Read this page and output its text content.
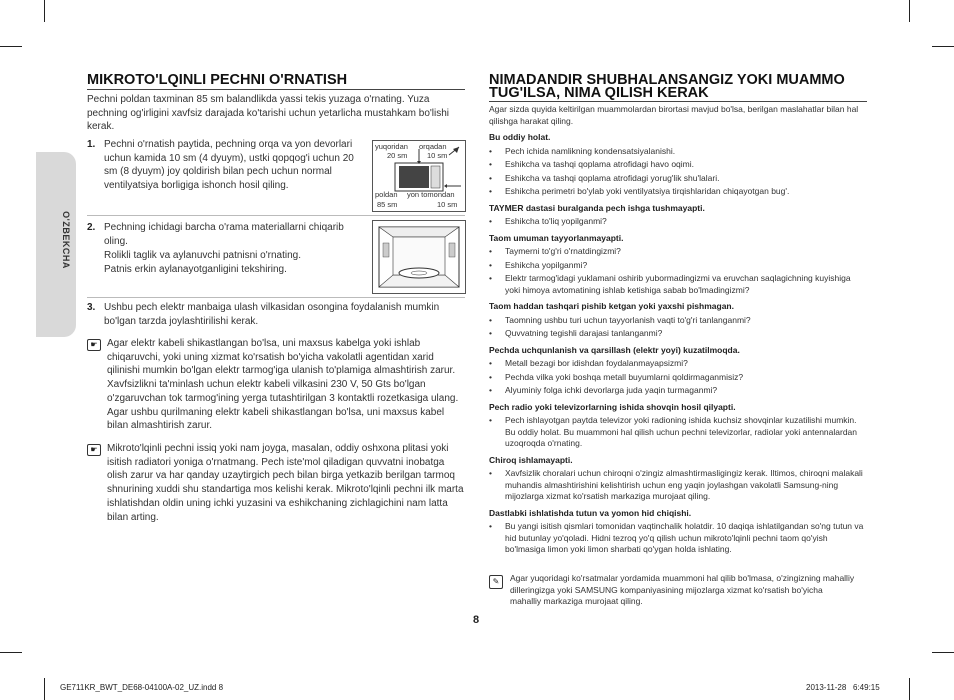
O'ZBEKCHA
MIKROTO'LQINLI PECHNI O'RNATISH

Pechni poldan taxminan 85 sm balandlikda yassi tekis yuzaga o'rnating. Yuza pechning og'irligini xavfsiz darajada ko'tarishi uchun yetarlicha mustahkam bo'lishi kerak.

1. Pechni o'rnatish paytida, pechning orqa va yon devorlari uchun kamida 10 sm (4 dyuym), ustki qopqog'i uchun 20 sm (8 dyuym) joy qoldirish bilan pech uchun normal ventilyatsiya borligiga ishonch hosil qiling.

yuqoridan orqadan
20 sm	10 sm
poldan yon tomondan
85 sm	10 sm
2. Pechning ichidagi barcha o'rama materiallarni chiqarib oling.

Rolikli taglik va aylanuvchi patnisni o'rnating.

Patnis erkin aylanayotganligini tekshiring.

3. Ushbu pech elektr manbaiga ulash vilkasidan osongina foydalanish mumkin bo'lgan tarzda joylashtirilishi kerak.

☛ Agar elektr kabeli shikastlangan bo'lsa, uni maxsus kabelga yoki ishlab chiqaruvchi, yoki uning xizmat ko'rsatish bo'yicha vakolatli agentidan xarid qilinishi mumkin bo'lgan elektr tarmog'iga ulanish to'plamiga almashtirish zarur. Xavfsizlikni ta'minlash uchun elektr kabeli vilkasini 230 V, 50 Gts bo'lgan o'zgaruvchan tok tarmog'ining yerga tutashtirilgan 3 kontaktli rozetkasiga ulang. Agar ushbu qurilmaning elektr kabeli shikastlangan bo'lsa, uni maxsus kabel bilan almashtirish zarur.

☛ Mikroto'lqinli pechni issiq yoki nam joyga, masalan, oddiy oshxona plitasi yoki isitish radiatori yoniga o'rnatmang. Pech iste'mol qiladigan quvvatni inobatga olish zarur va har qanday uzaytirgich pech bilan birga yetkazib berilgan tarmoq shnurining xuddi shu standartiga mos kelishi kerak. Mikroto'lqinli pechni ilk marta ishlatishdan oldin uning ichki yuzasini va eshikchaning zichlagichini nam latta bilan arting.

NIMADANDIR SHUBHALANSANGIZ YOKI MUAMMO
TUG'ILSA, NIMA QILISH KERAK
Agar sizda quyida keltirilgan muammolardan birortasi mavjud bo'lsa, berilgan maslahatlar bilan hal qilishga harakat qiling.
Bu oddiy holat.
• Pech ichida namlikning kondensatsiyalanishi.
• Eshikcha va tashqi qoplama atrofidagi havo oqimi.
• Eshikcha va tashqi qoplama atrofidagi yorug'lik shu'lalari.
• Eshikcha perimetri bo'ylab yoki ventilyatsiya tirqishlaridan chiqayotgan bug'.
TAYMER dastasi buralganda pech ishga tushmayapti.
• Eshikcha to'liq yopilganmi?
Taom umuman tayyorlanmayapti.
• Taymerni to'g'ri o'rnatdingizmi?
• Eshikcha yopilganmi?
• Elektr tarmog'idagi yuklamani oshirib yubormadingizmi va eruvchan saqlagichning kuyishiga yoki himoya avtomatining ishlab ketishiga sabab bo'lmadingizmi?
Taom haddan tashqari pishib ketgan yoki yaxshi pishmagan.
• Taomning ushbu turi uchun tayyorlanish vaqti to'g'ri tanlanganmi?
• Quvvatning tegishli darajasi tanlanganmi?
Pechda uchqunlanish va qarsillash (elektr yoyi) kuzatilmoqda.
• Metall bezagi bor idishdan foydalanmayapsizmi?
• Pechda vilka yoki boshqa metall buyumlarni qoldirmaganmisiz?
• Alyuminiy folga ichki devorlarga juda yaqin turmaganmi?
Pech radio yoki televizorlarning ishida shovqin hosil qilyapti.
• Pech ishlayotgan paytda televizor yoki radioning ishida kuchsiz shovqinlar kuzatilishi mumkin. Bu oddiy holat. Bu muammoni hal qilish uchun pechni televizorlar, radiolar yoki antennalardan uzoqroqda o'rnating.
Chiroq ishlamayapti.
• Xavfsizlik choralari uchun chiroqni o'zingiz almashtirmasligingiz kerak. Iltimos, chiroqni malakali muhandis almashtirishini kelishtirish uchun eng yaqin joylashgan vakolatli Samsung-ning mijozlarga xizmat ko'rsatish markaziga murojaat qiling.
Dastlabki ishlatishda tutun va yomon hid chiqishi.
• Bu yangi isitish qismlari tomonidan vaqtinchalik holatdir. 10 daqiqa ishlatilgandan so'ng tutun va hid butunlay yo'qoladi. Hidni tezroq yo'q qilish uchun mikroto'lqinli pechni taom qo'yish bo'lmasiga limon yoki limon sharbati qo'ygan holda ishlating.
✎	Agar yuqoridagi ko'rsatmalar yordamida muammoni hal qilib bo'lmasa, o'zingizning mahalliy dilleringizga yoki SAMSUNG kompaniyasining mijozlarga xizmat ko'rsatish bo'yicha mahalliy markaziga murojaat qiling.
8
GE711KR_BWT_DE68-04100A-02_UZ.indd 8	2013-11-28   6:49:15
